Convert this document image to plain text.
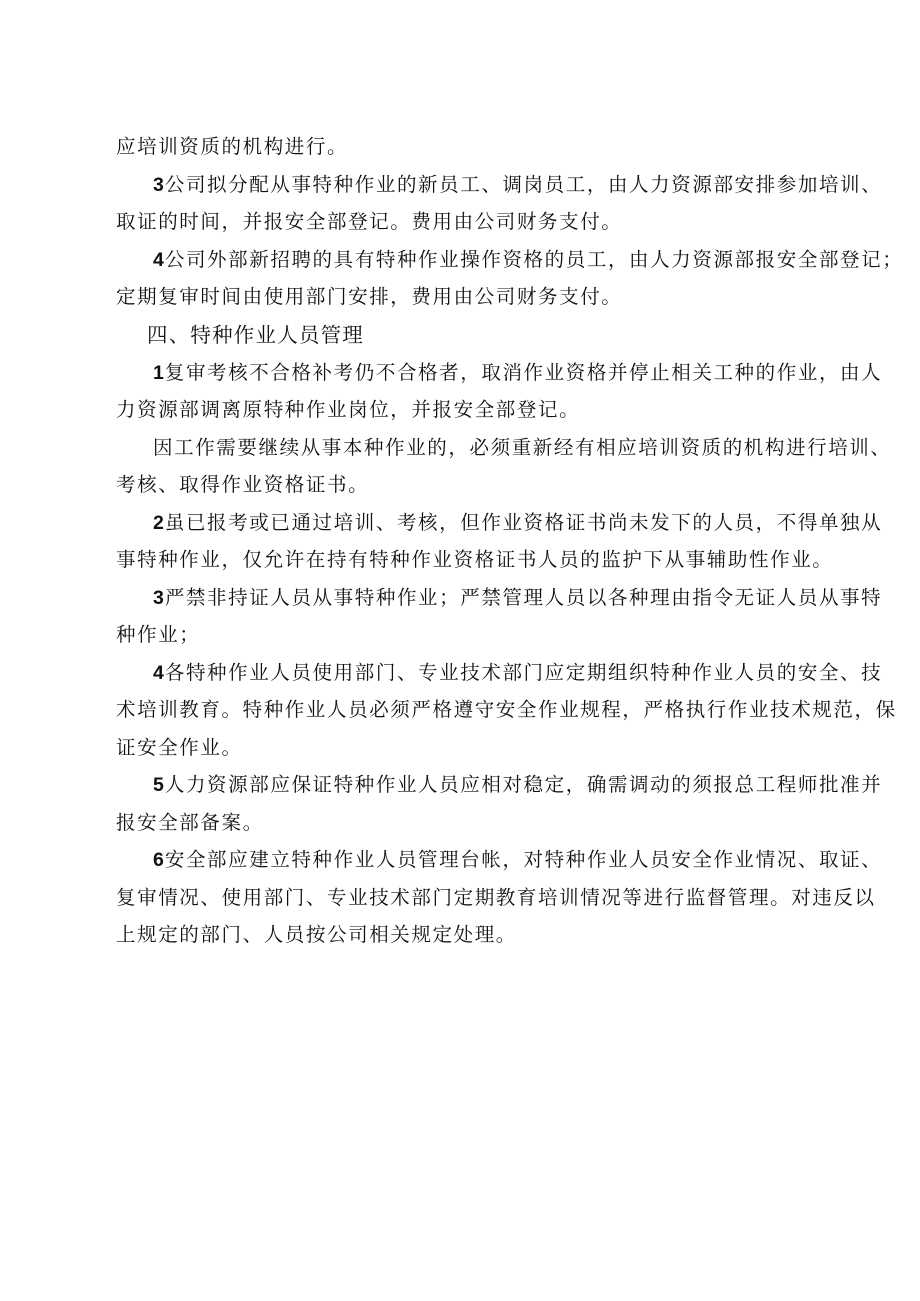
应培训资质的机构进行。
3公司拟分配从事特种作业的新员工、调岗员工，由人力资源部安排参加培训、
取证的时间，并报安全部登记。费用由公司财务支付。
4公司外部新招聘的具有特种作业操作资格的员工，由人力资源部报安全部登记；
定期复审时间由使用部门安排，费用由公司财务支付。
四、特种作业人员管理
1复审考核不合格补考仍不合格者，取消作业资格并停止相关工种的作业，由人
力资源部调离原特种作业岗位，并报安全部登记。
因工作需要继续从事本种作业的，必须重新经有相应培训资质的机构进行培训、
考核、取得作业资格证书。
2虽已报考或已通过培训、考核，但作业资格证书尚未发下的人员，不得单独从
事特种作业，仅允许在持有特种作业资格证书人员的监护下从事辅助性作业。
3严禁非持证人员从事特种作业；严禁管理人员以各种理由指令无证人员从事特
种作业；
4各特种作业人员使用部门、专业技术部门应定期组织特种作业人员的安全、技
术培训教育。特种作业人员必须严格遵守安全作业规程，严格执行作业技术规范，保
证安全作业。
5人力资源部应保证特种作业人员应相对稳定，确需调动的须报总工程师批准并
报安全部备案。
6安全部应建立特种作业人员管理台帐，对特种作业人员安全作业情况、取证、
复审情况、使用部门、专业技术部门定期教育培训情况等进行监督管理。对违反以
上规定的部门、人员按公司相关规定处理。
